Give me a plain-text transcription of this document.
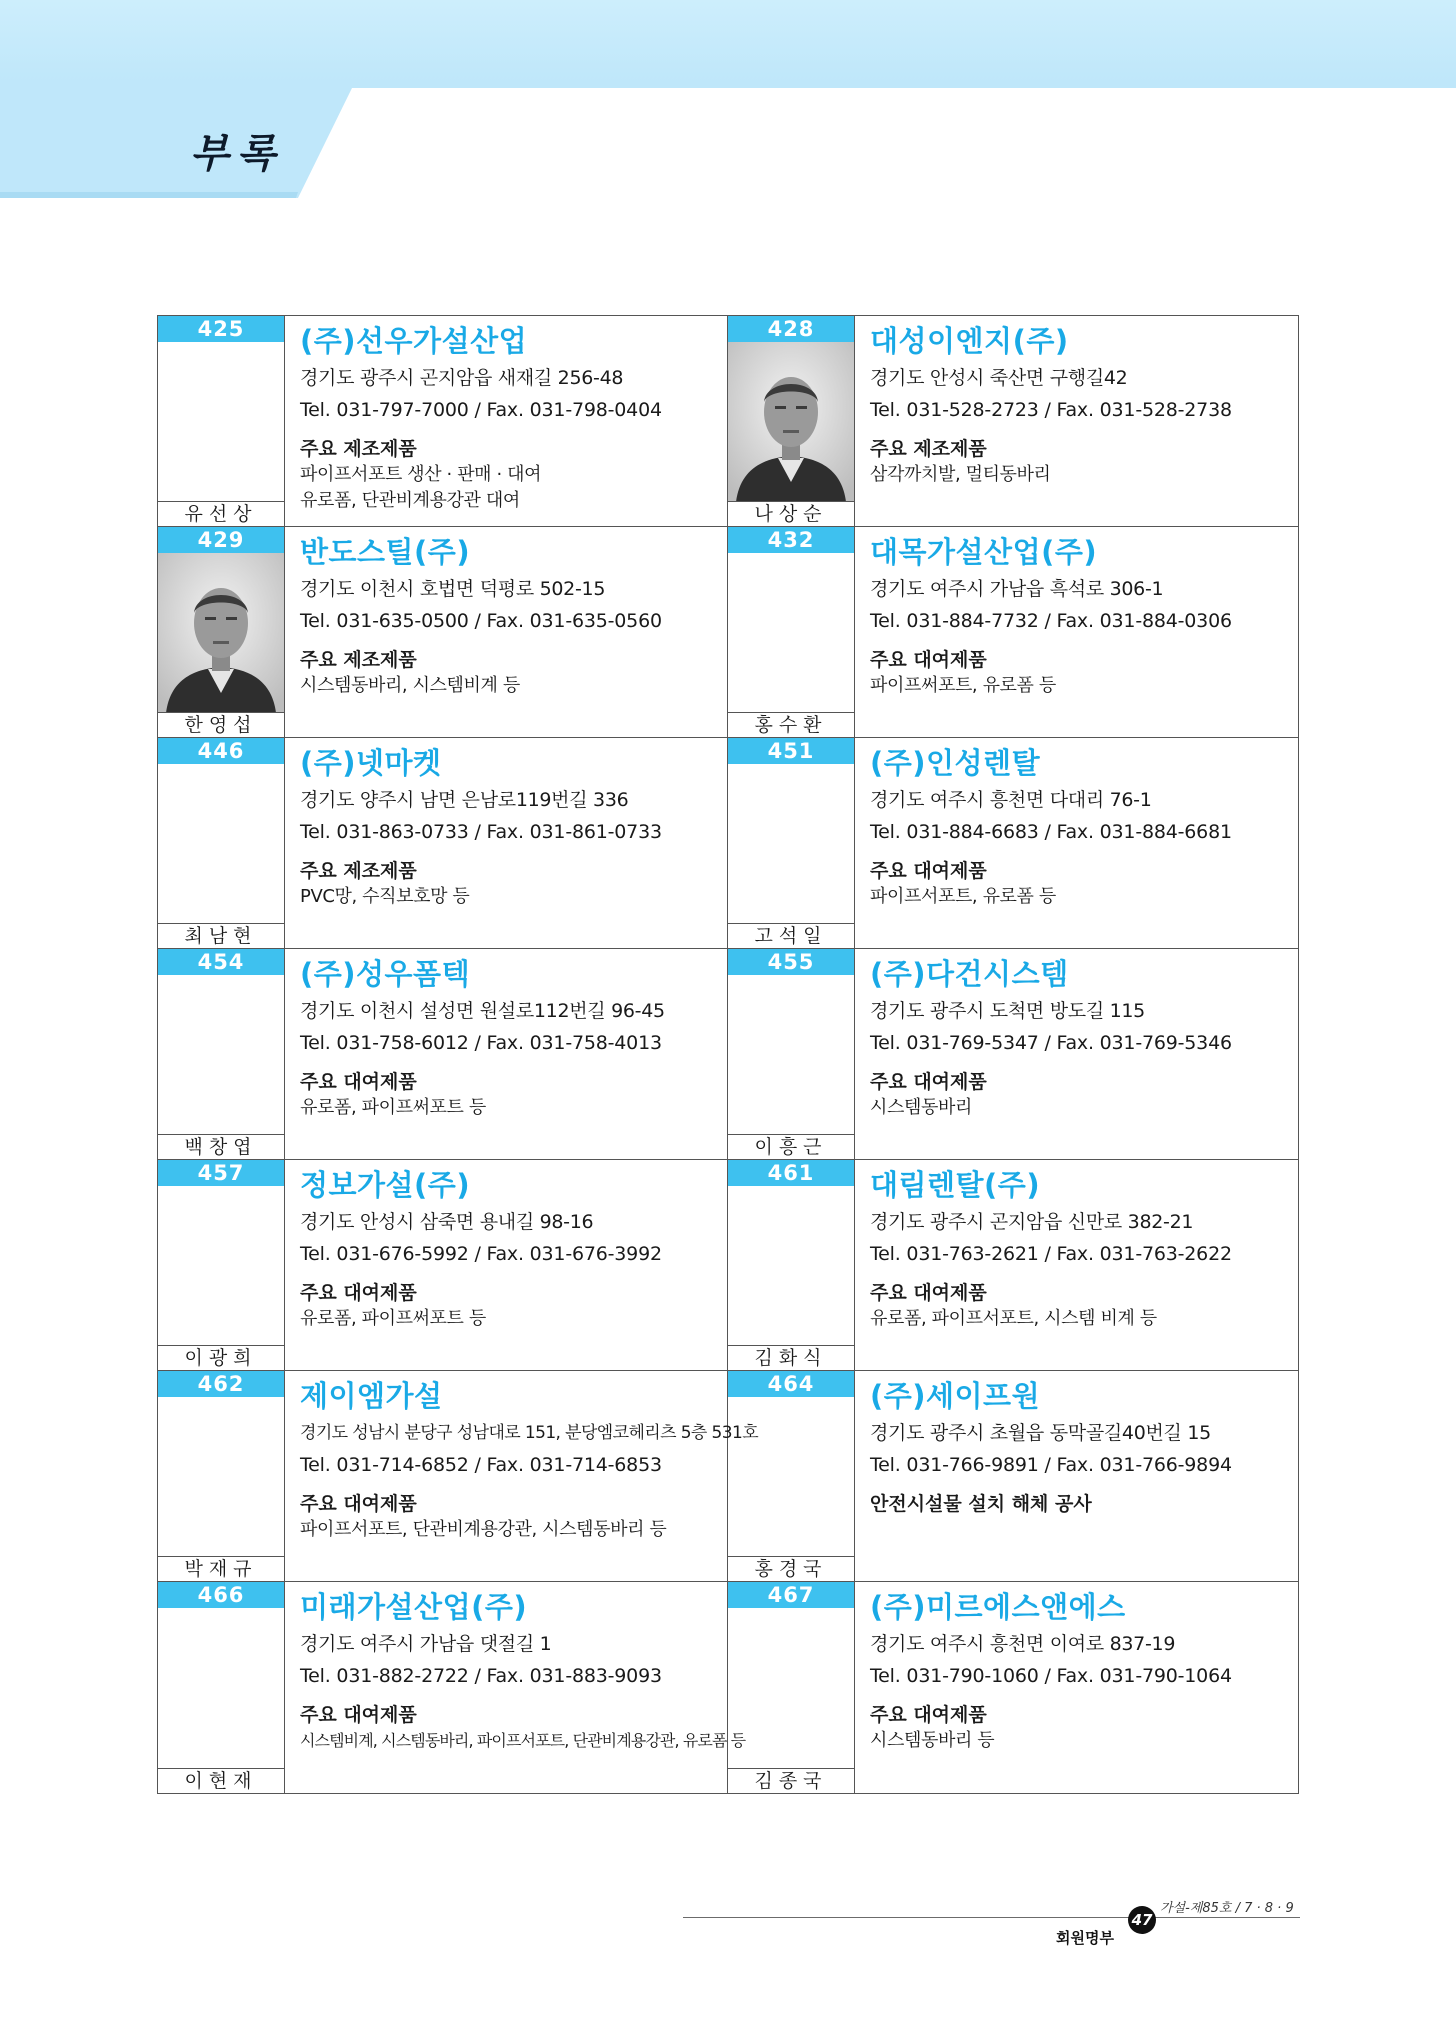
부록
425
유선상
(주)선우가설산업
경기도 광주시 곤지암읍 새재길 256-48
Tel. 031-797-7000 / Fax. 031-798-0404
주요 제조제품
파이프서포트 생산 · 판매 · 대여
유로폼, 단관비계용강관 대여
428
나상순
대성이엔지(주)
경기도 안성시 죽산면 구행길42
Tel. 031-528-2723 / Fax. 031-528-2738
주요 제조제품
삼각까치발, 멀티동바리
429
한영섭
반도스틸(주)
경기도 이천시 호법면 덕평로 502-15
Tel. 031-635-0500 / Fax. 031-635-0560
주요 제조제품
시스템동바리, 시스템비계 등
432
홍수환
대목가설산업(주)
경기도 여주시 가남읍 흑석로 306-1
Tel. 031-884-7732 / Fax. 031-884-0306
주요 대여제품
파이프써포트, 유로폼 등
446
최남현
(주)넷마켓
경기도 양주시 남면 은남로119번길 336
Tel. 031-863-0733 / Fax. 031-861-0733
주요 제조제품
PVC망, 수직보호망 등
451
고석일
(주)인성렌탈
경기도 여주시 흥천면 다대리 76-1
Tel. 031-884-6683 / Fax. 031-884-6681
주요 대여제품
파이프서포트, 유로폼 등
454
백창엽
(주)성우폼텍
경기도 이천시 설성면 원설로112번길 96-45
Tel. 031-758-6012 / Fax. 031-758-4013
주요 대여제품
유로폼, 파이프써포트 등
455
이흥근
(주)다건시스템
경기도 광주시 도척면 방도길 115
Tel. 031-769-5347 / Fax. 031-769-5346
주요 대여제품
시스템동바리
457
이광희
정보가설(주)
경기도 안성시 삼죽면 용내길 98-16
Tel. 031-676-5992 / Fax. 031-676-3992
주요 대여제품
유로폼, 파이프써포트 등
461
김화식
대림렌탈(주)
경기도 광주시 곤지암읍 신만로 382-21
Tel. 031-763-2621 / Fax. 031-763-2622
주요 대여제품
유로폼, 파이프서포트, 시스템 비계 등
462
박재규
제이엠가설
경기도 성남시 분당구 성남대로 151, 분당엠코헤리츠 5층 531호
Tel. 031-714-6852 / Fax. 031-714-6853
주요 대여제품
파이프서포트, 단관비계용강관, 시스템동바리 등
464
홍경국
(주)세이프원
경기도 광주시 초월읍 동막골길40번길 15
Tel. 031-766-9891 / Fax. 031-766-9894
안전시설물 설치 해체 공사
466
이현재
미래가설산업(주)
경기도 여주시 가남읍 댓절길 1
Tel. 031-882-2722 / Fax. 031-883-9093
주요 대여제품
시스템비계, 시스템동바리, 파이프서포트, 단관비계용강관, 유로폼 등
467
김종국
(주)미르에스앤에스
경기도 여주시 흥천면 이여로 837-19
Tel. 031-790-1060 / Fax. 031-790-1064
주요 대여제품
시스템동바리 등
가설-제85호 / 7 · 8 · 9
47
회원명부
